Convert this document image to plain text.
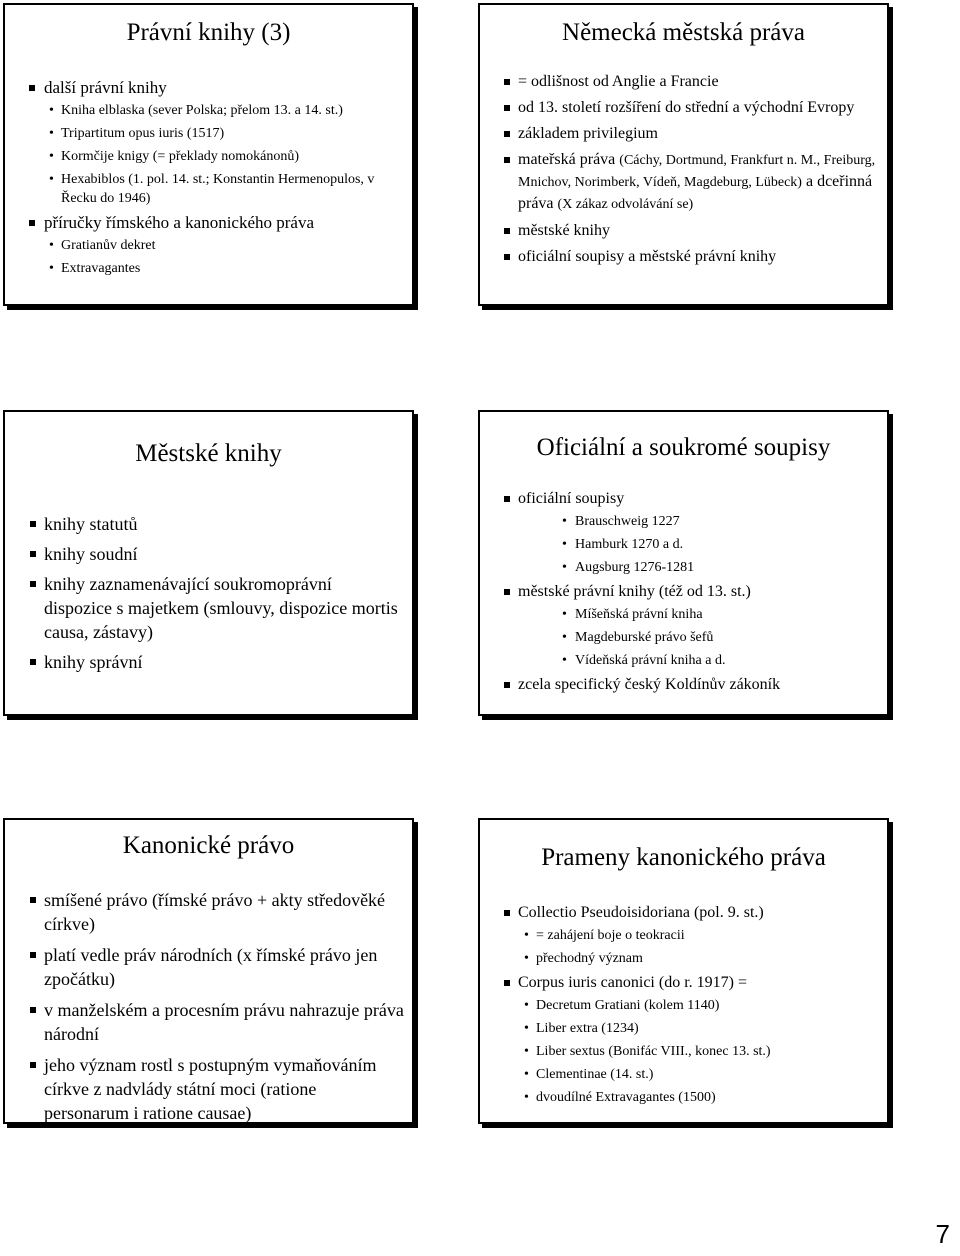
Právní knihy (3)
další právní knihy
• Kniha elblaska (sever Polska; přelom 13. a 14. st.)
• Tripartitum opus iuris (1517)
• Kormčije knigy (= překlady nomokánonů)
• Hexabiblos (1. pol. 14. st.; Konstantin Hermenopulos, v Řecku do 1946)
příručky římského a kanonického práva
• Gratianův dekret
• Extravagantes
Německá městská práva
= odlišnost od Anglie a Francie
od 13. století rozšíření do střední a východní Evropy
základem privilegium
mateřská práva (Cáchy, Dortmund, Frankfurt n. M., Freiburg, Mnichov, Norimberk, Vídeň, Magdeburg, Lübeck) a dceřinná práva (X zákaz odvolávání se)
městské knihy
oficiální soupisy a městské právní knihy
Městské knihy
knihy statutů
knihy soudní
knihy zaznamenávající soukromoprávní dispozice s majetkem (smlouvy, dispozice mortis causa, zástavy)
knihy správní
Oficiální a soukromé soupisy
oficiální soupisy
• Brauschweig 1227
• Hamburk 1270 a d.
• Augsburg 1276-1281
městské právní knihy (též od 13. st.)
• Míšeňská právní kniha
• Magdeburské právo šefů
• Vídeňská právní kniha a d.
zcela specifický český Koldínův zákoník
Kanonické právo
smíšené právo (římské právo + akty středověké církve)
platí vedle práv národních (x římské právo jen zpočátku)
v manželském a procesním právu nahrazuje práva národní
jeho význam rostl s postupným vymaňováním církve z nadvlády státní moci (ratione personarum i ratione causae)
Prameny kanonického práva
Collectio Pseudoisidoriana (pol. 9. st.)
• = zahájení boje o teokracii
• přechodný význam
Corpus iuris canonici (do r. 1917) =
• Decretum Gratiani (kolem 1140)
• Liber extra (1234)
• Liber sextus (Bonifác VIII., konec 13. st.)
• Clementinae (14. st.)
• dvoudílné Extravagantes (1500)
7
